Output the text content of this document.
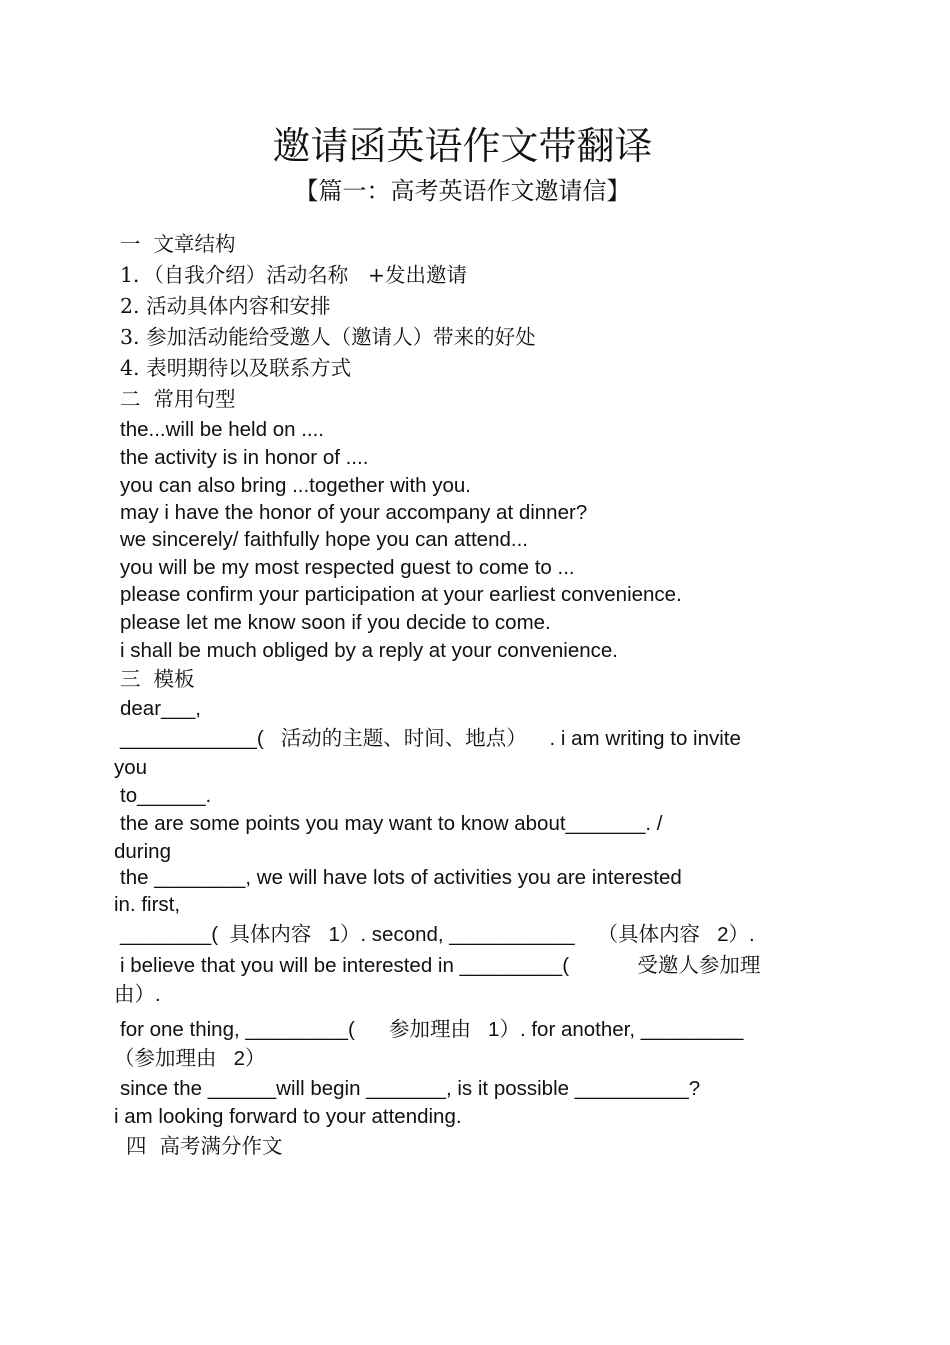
邀请函英语作文带翻译
【篇一：高考英语作文邀请信】
一  文章结构
1．（自我介绍）活动名称   +发出邀请
2. 活动具体内容和安排
3. 参加活动能给受邀人（邀请人）带来的好处
4. 表明期待以及联系方式
二  常用句型
the...will be held on ....
the activity is in honor of ....
you can also bring ...together with you.
may i have the honor of your accompany at dinner?
we sincerely/ faithfully hope you can attend...
you will be my most respected guest to come to ...
please confirm your participation at your earliest convenience.
please let me know soon if you decide to come.
i shall be much obliged by a reply at your convenience.
三  模板
dear___,
____________(   活动的主题、时间、地点）    . i am writing to invite
you
to______.
the are some points you may want to know about_______. /
during
the ________, we will have lots of activities you are interested
in. first,
________(  具体内容   1）. second, ___________    （具体内容   2）.
i believe that you will be interested in _________(            受邀人参加理
由）.
for one thing, _________(      参加理由   1）. for another, _________
（参加理由   2）
since the ______will begin _______, is it possible __________?
i am looking forward to your attending.
四  高考满分作文
